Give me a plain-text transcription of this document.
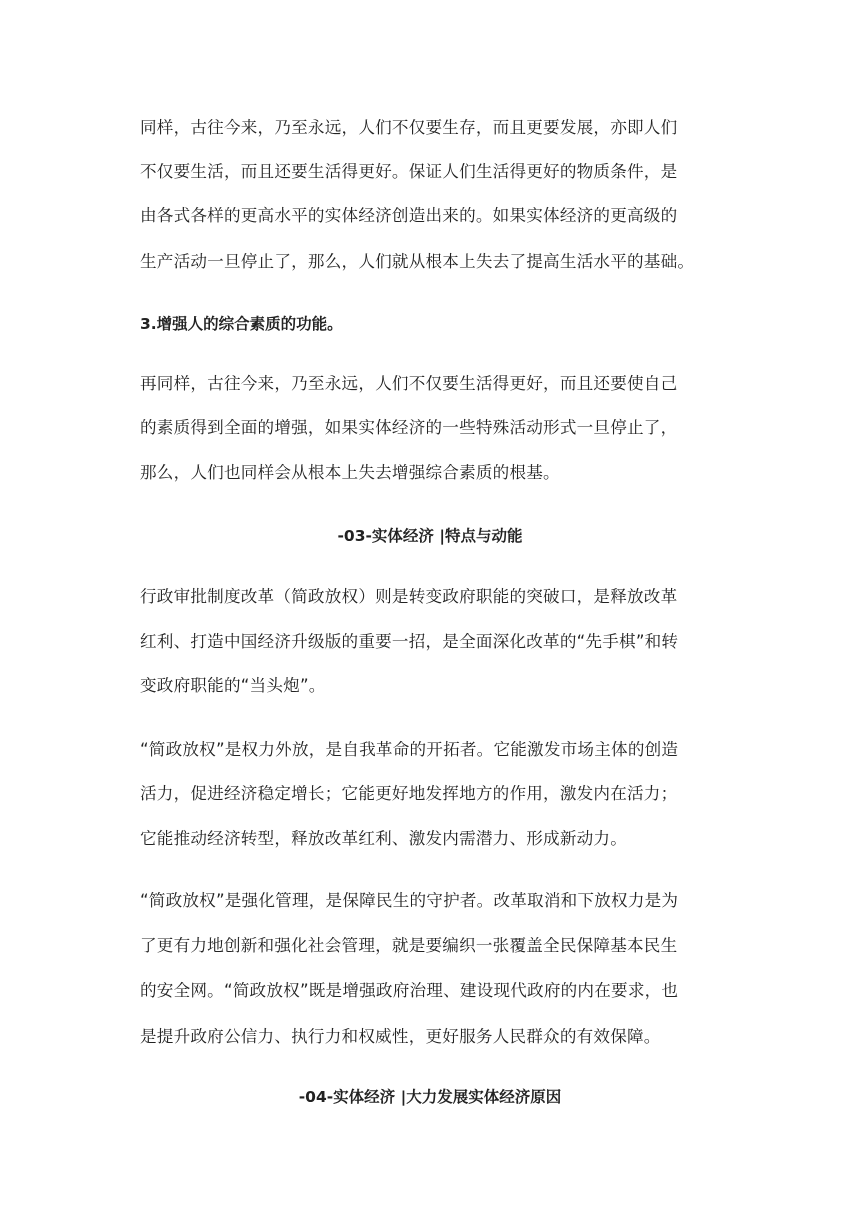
同样，古往今来，乃至永远，人们不仅要生存，而且更要发展，亦即人们
不仅要生活，而且还要生活得更好。保证人们生活得更好的物质条件，是
由各式各样的更高水平的实体经济创造出来的。如果实体经济的更高级的
生产活动一旦停止了，那么，人们就从根本上失去了提高生活水平的基础。
3.增强人的综合素质的功能。
再同样，古往今来，乃至永远，人们不仅要生活得更好，而且还要使自己
的素质得到全面的增强，如果实体经济的一些特殊活动形式一旦停止了，
那么，人们也同样会从根本上失去增强综合素质的根基。
-03-实体经济 |特点与动能
行政审批制度改革（简政放权）则是转变政府职能的突破口，是释放改革
红利、打造中国经济升级版的重要一招，是全面深化改革的“先手棋”和转
变政府职能的“当头炮”。
“简政放权”是权力外放，是自我革命的开拓者。它能激发市场主体的创造
活力，促进经济稳定增长；它能更好地发挥地方的作用，激发内在活力；
它能推动经济转型，释放改革红利、激发内需潜力、形成新动力。
“简政放权”是强化管理，是保障民生的守护者。改革取消和下放权力是为
了更有力地创新和强化社会管理，就是要编织一张覆盖全民保障基本民生
的安全网。“简政放权”既是增强政府治理、建设现代政府的内在要求，也
是提升政府公信力、执行力和权威性，更好服务人民群众的有效保障。
-04-实体经济 |大力发展实体经济原因
